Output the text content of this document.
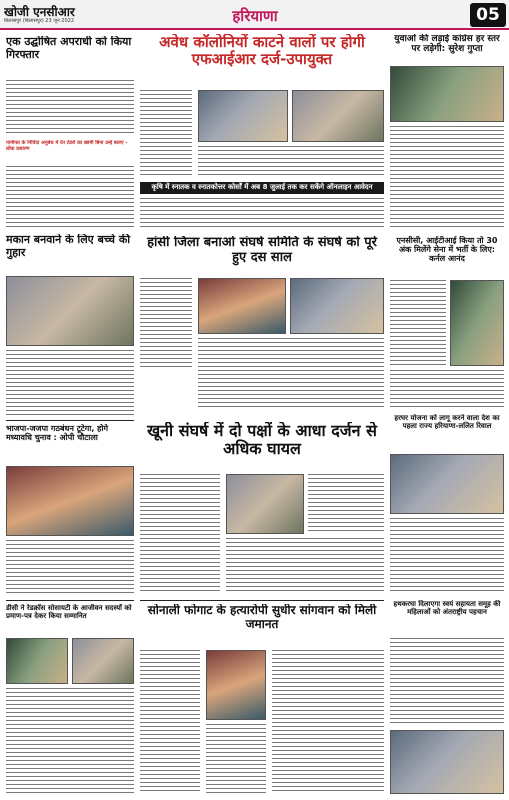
खोजी एनसीआर
बिलासपुर (बिलासपुर) 23 जून 2022	हरियाणा	05
एक उद्घोषित अपराधी को किया गिरफ्तार
पानीपत के निविदा अनुबंध में रेत टेंडरों का खामी बिना उन्हें बताए - लोक प्रसारण
मकान बनवाने के लिए बच्चे की गुहार
अवेध कॉलोनियों काटने वालों पर होगी एफआईआर दर्ज-उपायुक्त
युवाओं की लड़ाई कांग्रेस हर स्तर पर लड़ेगी: सुरेश गुप्ता
कृषि में स्नातक व स्नातकोत्तर कोर्सों में अब 8 जुलाई तक कर सकेंगे ऑनलाइन आवेदन
हांसी जिला बनाओ संघर्ष समिति के संघर्ष को पूरे हुए दस साल
एनसीसी, आईटीआई किया तो 30 अंक मिलेंगे सेना में भर्ती के लिए: कर्नल आनंद
भाजपा-जजपा गठबंधन टूटेगा, होगे मध्यावधि चुनाव : ओपी चौटाला	खूनी संघर्ष में दो पक्षों के आधा दर्जन से अधिक घायल
हरघर योजना को लागू करने वाला देश का पहला राज्य हरियाणा-ललित रिवाल
डीसी ने रेडक्रॉस सोसायटी के आजीवन सदस्यों को प्रमाण-पत्र देकर किया सम्मानित	सोनाली फोगाट के हत्यारोपी सुधीर सांगवान को मिली जमानत
हथकरघा दिलाएगा स्वयं सहायता समूह की महिलाओं को अंतराष्ट्रीय पहचान
